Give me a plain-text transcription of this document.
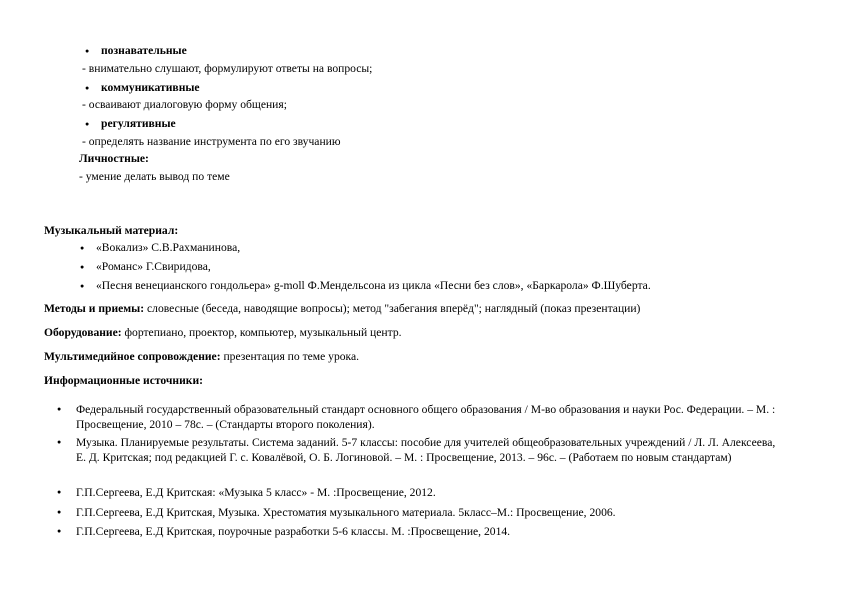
● познавательные
- внимательно слушают, формулируют ответы на вопросы;
● коммуникативные
- осваивают диалоговую форму общения;
● регулятивные
- определять название инструмента по его звучанию
Личностные:
- умение делать вывод по теме
Музыкальный материал:
● «Вокализ» С.В.Рахманинова,
● «Романс» Г.Свиридова,
● «Песня венецианского гондольера» g-moll Ф.Мендельсона из цикла «Песни без слов», «Баркарола» Ф.Шуберта.
Методы и приемы: словесные (беседа, наводящие вопросы); метод "забегания вперёд"; наглядный (показ презентации)
Оборудование: фортепиано, проектор, компьютер, музыкальный центр.
Мультимедийное сопровождение: презентация по теме урока.
Информационные источники:
● Федеральный государственный образовательный стандарт основного общего образования / М-во образования и науки Рос. Федерации. – М. : Просвещение, 2010 – 78с. – (Стандарты второго поколения).
● Музыка. Планируемые результаты. Система заданий. 5-7 классы: пособие для учителей общеобразовательных учреждений / Л. Л. Алексеева, Е. Д. Критская; под редакцией Г. с. Ковалёвой, О. Б. Логиновой. – М. : Просвещение, 2013. – 96с. – (Работаем по новым стандартам)
● Г.П.Сергеева, Е.Д Критская: «Музыка 5 класс» - М. :Просвещение, 2012.
● Г.П.Сергеева, Е.Д Критская, Музыка. Хрестоматия музыкального материала. 5класс–М.: Просвещение, 2006.
● Г.П.Сергеева, Е.Д Критская, поурочные разработки 5-6 классы. М. :Просвещение, 2014.
